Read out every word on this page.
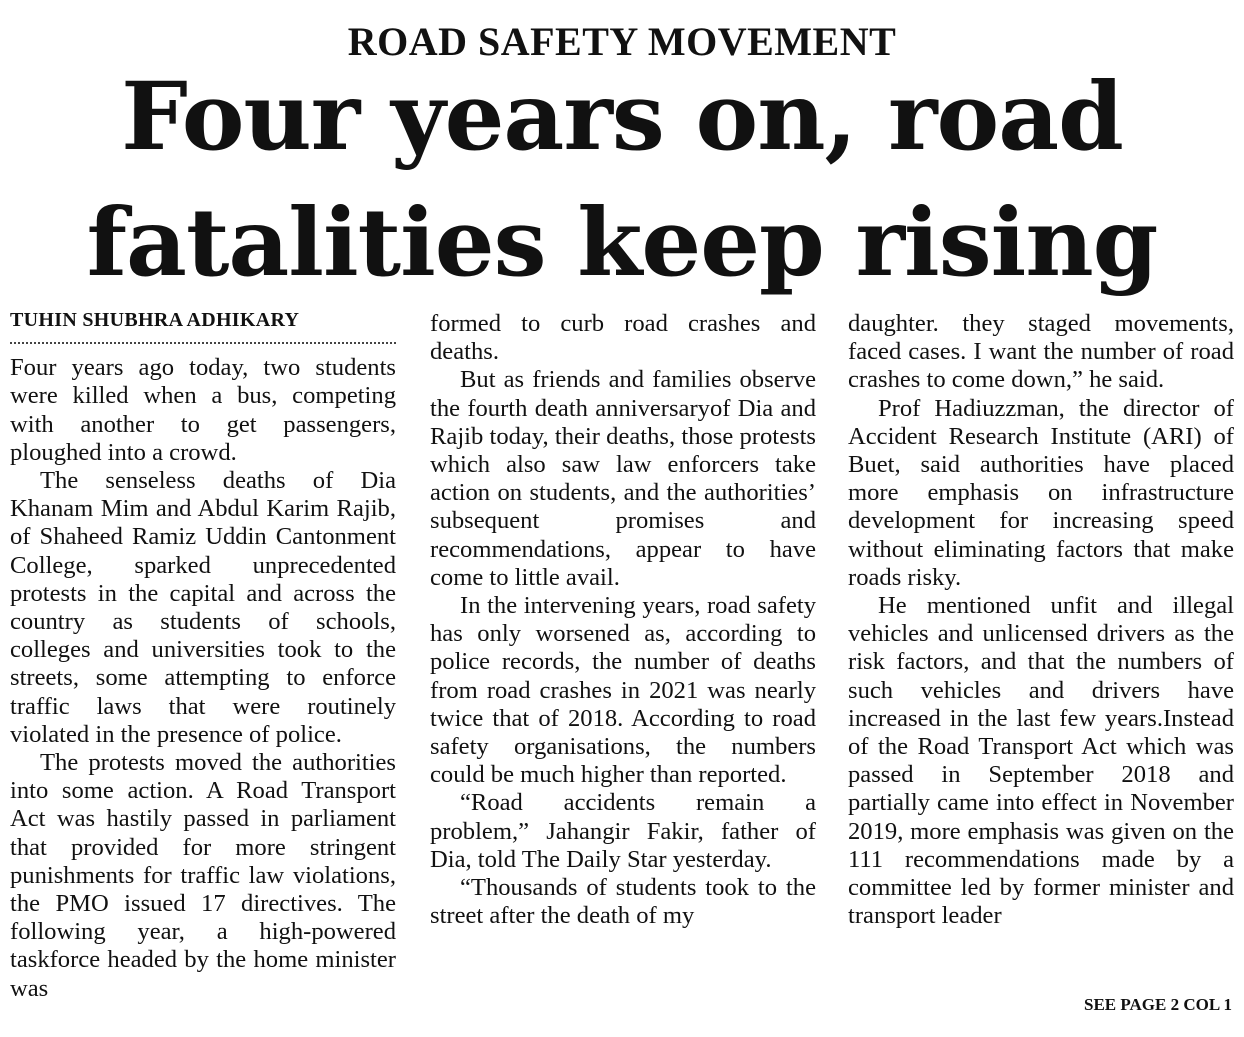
ROAD SAFETY MOVEMENT
Four years on, road
fatalities keep rising
TUHIN SHUBHRA ADHIKARY

Four years ago today, two students were killed when a bus, competing with another to get passengers, ploughed into a crowd.

The senseless deaths of Dia Khanam Mim and Abdul Karim Rajib, of Shaheed Ramiz Uddin Cantonment College, sparked unprecedented protests in the capital and across the country as students of schools, colleges and universities took to the streets, some attempting to enforce traffic laws that were routinely violated in the presence of police.

The protests moved the authorities into some action. A Road Transport Act was hastily passed in parliament that provided for more stringent punishments for traffic law violations, the PMO issued 17 directives. The following year, a high-powered taskforce headed by the home minister was

formed to curb road crashes and deaths.

But as friends and families observe the fourth death anniversaryof Dia and Rajib today, their deaths, those protests which also saw law enforcers take action on students, and the authorities’ subsequent promises and recommendations, appear to have come to little avail.

In the intervening years, road safety has only worsened as, according to police records, the number of deaths from road crashes in 2021 was nearly twice that of 2018. According to road safety organisations, the numbers could be much higher than reported.

“Road accidents remain a problem,” Jahangir Fakir, father of Dia, told The Daily Star yesterday.

“Thousands of students took to the street after the death of my

daughter. they staged movements, faced cases. I want the number of road crashes to come down,” he said.

Prof Hadiuzzman, the director of Accident Research Institute (ARI) of Buet, said authorities have placed more emphasis on infrastructure development for increasing speed without eliminating factors that make roads risky.

He mentioned unfit and illegal vehicles and unlicensed drivers as the risk factors, and that the numbers of such vehicles and drivers have increased in the last few years.Instead of the Road Transport Act which was passed in September 2018 and partially came into effect in November 2019, more emphasis was given on the 111 recommendations made by a committee led by former minister and transport leader

SEE PAGE 2 COL 1
